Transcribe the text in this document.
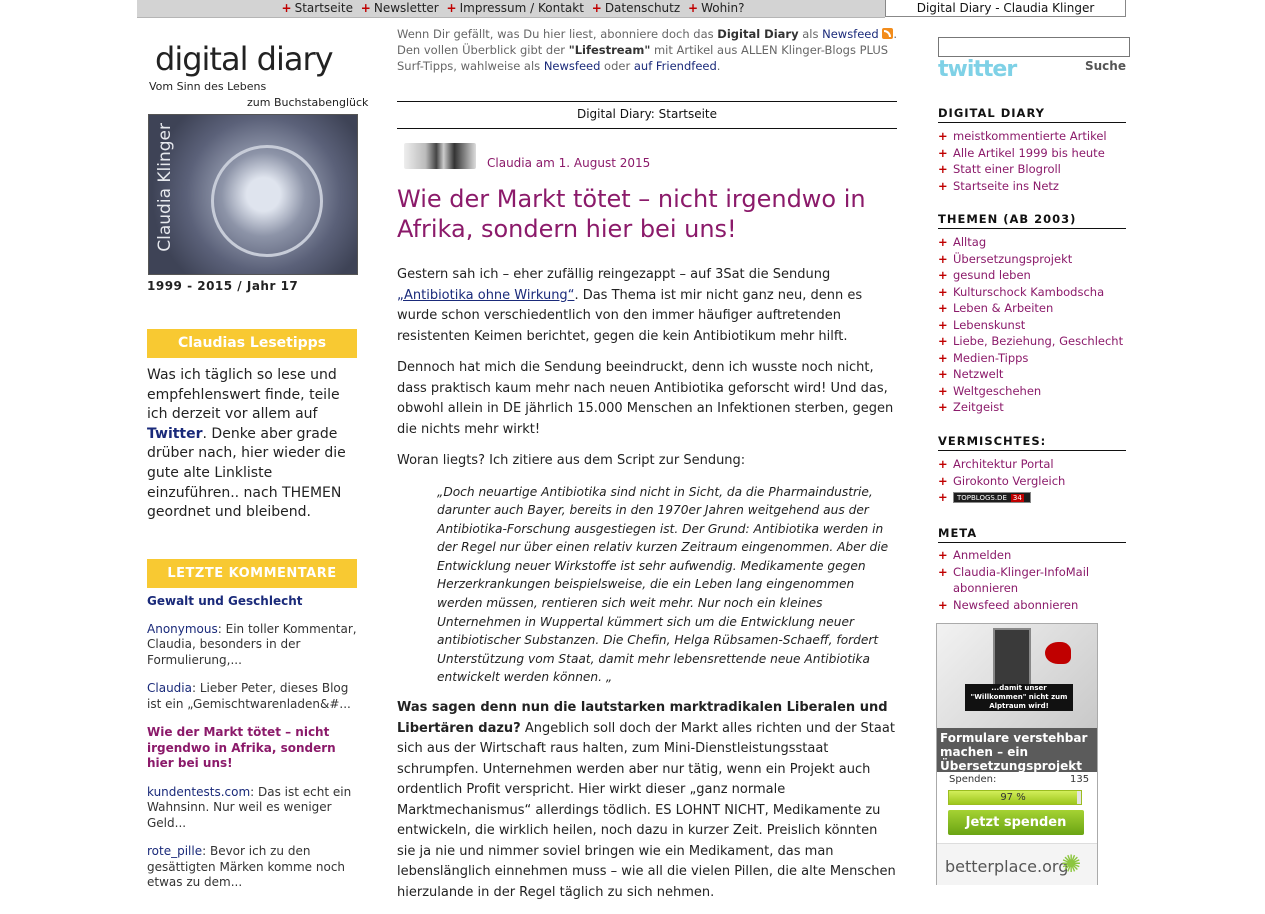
+ Startseite + Newsletter + Impressum / Kontakt + Datenschutz + Wohin?	Digital Diary - Claudia Klinger
digital diary
Vom Sinn des Lebens
zum Buchstabenglück
Claudia Klinger
1999 - 2015 / Jahr 17
Claudias Lesetipps
Was ich täglich so lese und empfehlenswert finde, teile ich derzeit vor allem auf Twitter. Denke aber grade drüber nach, hier wieder die gute alte Linkliste einzuführen.. nach THEMEN geordnet und bleibend.
LETZTE KOMMENTARE
Gewalt und Geschlecht
Anonymous: Ein toller Kommentar, Claudia, besonders in der Formulierung,...
Claudia: Lieber Peter, dieses Blog ist ein „Gemischtwarenladen&#...
Wie der Markt tötet – nicht irgendwo in Afrika, sondern hier bei uns!
kundentests.com: Das ist echt ein Wahnsinn. Nur weil es weniger Geld...
rote_pille: Bevor ich zu den gesättigten Märken komme noch etwas zu dem...
Wenn Dir gefällt, was Du hier liest, abonniere doch das Digital Diary als Newsfeed . Den vollen Überblick gibt der "Lifestream" mit Artikel aus ALLEN Klinger-Blogs PLUS Surf-Tipps, wahlweise als Newsfeed oder auf Friendfeed.
Digital Diary: Startseite
Claudia am 1. August 2015
Wie der Markt tötet – nicht irgendwo in Afrika, sondern hier bei uns!

Gestern sah ich – eher zufällig reingezappt – auf 3Sat die Sendung „Antibiotika ohne Wirkung“. Das Thema ist mir nicht ganz neu, denn es wurde schon verschiedentlich von den immer häufiger auftretenden resistenten Keimen berichtet, gegen die kein Antibiotikum mehr hilft.

Dennoch hat mich die Sendung beeindruckt, denn ich wusste noch nicht, dass praktisch kaum mehr nach neuen Antibiotika geforscht wird! Und das, obwohl allein in DE jährlich 15.000 Menschen an Infektionen sterben, gegen die nichts mehr wirkt!

Woran liegts? Ich zitiere aus dem Script zur Sendung:

„Doch neuartige Antibiotika sind nicht in Sicht, da die Pharmaindustrie, darunter auch Bayer, bereits in den 1970er Jahren weitgehend aus der Antibiotika-Forschung ausgestiegen ist. Der Grund: Antibiotika werden in der Regel nur über einen relativ kurzen Zeitraum eingenommen. Aber die Entwicklung neuer Wirkstoffe ist sehr aufwendig. Medikamente gegen Herzerkrankungen beispielsweise, die ein Leben lang eingenommen werden müssen, rentieren sich weit mehr. Nur noch ein kleines Unternehmen in Wuppertal kümmert sich um die Entwicklung neuer antibiotischer Substanzen. Die Chefin, Helga Rübsamen-Schaeff, fordert Unterstützung vom Staat, damit mehr lebensrettende neue Antibiotika entwickelt werden können. „

Was sagen denn nun die lautstarken marktradikalen Liberalen und Libertären dazu? Angeblich soll doch der Markt alles richten und der Staat sich aus der Wirtschaft raus halten, zum Mini-Dienstleistungsstaat schrumpfen. Unternehmen werden aber nur tätig, wenn ein Projekt auch ordentlich Profit verspricht. Hier wirkt dieser „ganz normale Marktmechanismus“ allerdings tödlich. ES LOHNT NICHT, Medikamente zu entwickeln, die wirklich heilen, noch dazu in kurzer Zeit. Preislich könnten sie ja nie und nimmer soviel bringen wie ein Medikament, das man lebenslänglich einnehmen muss – wie all die vielen Pillen, die alte Menschen hierzulande in der Regel täglich zu sich nehmen.

twitter	Suche
DIGITAL DIARY
+ meistkommentierte Artikel
+ Alle Artikel 1999 bis heute
+ Statt einer Blogroll
+ Startseite ins Netz
THEMEN (AB 2003)
+ Alltag
+ Übersetzungsprojekt
+ gesund leben
+ Kulturschock Kambodscha
+ Leben & Arbeiten
+ Lebenskunst
+ Liebe, Beziehung, Geschlecht
+ Medien-Tipps
+ Netzwelt
+ Weltgeschehen
+ Zeitgeist
VERMISCHTES:
+ Architektur Portal
+ Girokonto Vergleich
+ TOPBLOGS.DE 34
META
+ Anmelden
+ Claudia-Klinger-InfoMail abonnieren
+ Newsfeed abonnieren
...damit unser "Willkommen" nicht zum Alptraum wird!
Formulare verstehbar machen – ein Übersetzungsprojekt
Spenden:	135
97 %
Jetzt spenden
betterplace.org
✺
